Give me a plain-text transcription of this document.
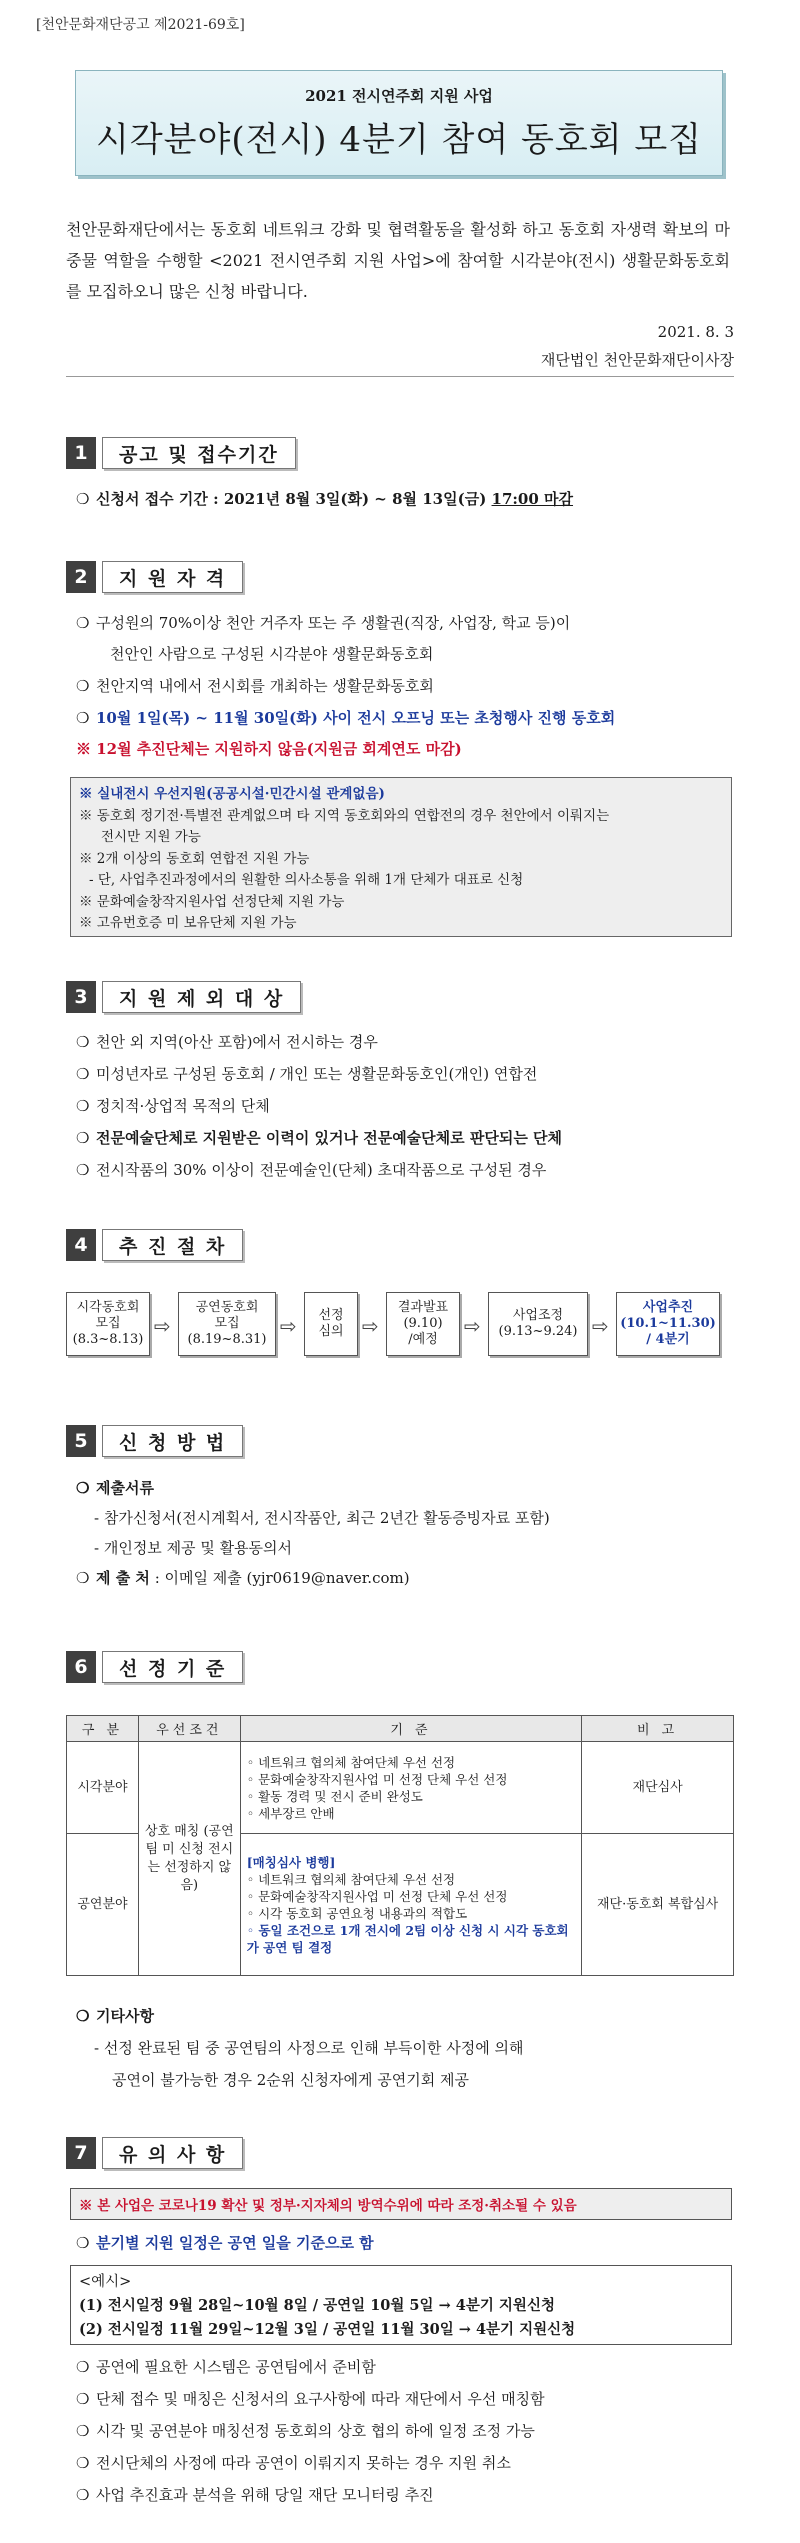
[천안문화재단공고 제2021-69호]
2021 전시연주회 지원 사업
시각분야(전시) 4분기 참여 동호회 모집
천안문화재단에서는 동호회 네트워크 강화 및 협력활동을 활성화 하고 동호회 자생력 확보의 마중물 역할을 수행할 <2021 전시연주회 지원 사업>에 참여할 시각분야(전시) 생활문화동호회를 모집하오니 많은 신청 바랍니다.
2021. 8. 3
재단법인 천안문화재단이사장
1	공고 및 접수기간
❍ 신청서 접수 기간 : 2021년 8월 3일(화) ~ 8월 13일(금) 17:00 마감
2	지 원 자 격
❍ 구성원의 70%이상 천안 거주자 또는 주 생활권(직장, 사업장, 학교 등)이
천안인 사람으로 구성된 시각분야 생활문화동호회
❍ 천안지역 내에서 전시회를 개최하는 생활문화동호회
❍ 10월 1일(목) ~ 11월 30일(화) 사이 전시 오프닝 또는 초청행사 진행 동호회
※ 12월 추진단체는 지원하지 않음(지원금 회계연도 마감)
※ 실내전시 우선지원(공공시설·민간시설 관계없음)
※ 동호회 정기전·특별전 관계없으며 타 지역 동호회와의 연합전의 경우 천안에서 이뤄지는
전시만 지원 가능
※ 2개 이상의 동호회 연합전 지원 가능
- 단, 사업추진과정에서의 원활한 의사소통을 위해 1개 단체가 대표로 신청
※ 문화예술창작지원사업 선정단체 지원 가능
※ 고유번호증 미 보유단체 지원 가능
3	지 원 제 외 대 상
❍ 천안 외 지역(아산 포함)에서 전시하는 경우
❍ 미성년자로 구성된 동호회 / 개인 또는 생활문화동호인(개인) 연합전
❍ 정치적·상업적 목적의 단체
❍ 전문예술단체로 지원받은 이력이 있거나 전문예술단체로 판단되는 단체
❍ 전시작품의 30% 이상이 전문예술인(단체) 초대작품으로 구성된 경우
4	추 진 절 차
시각동호회
모집
(8.3~8.13)
⇨
공연동호회
모집
(8.19~8.31)
⇨	선정
심의 ⇨
결과발표
(9.10)
/예정
⇨	사업조정
(9.13~9.24) ⇨
사업추진
(10.1~11.30)
/ 4분기
5	신 청 방 법
❍ 제출서류
- 참가신청서(전시계획서, 전시작품안, 최근 2년간 활동증빙자료 포함)
- 개인정보 제공 및 활용동의서
❍ 제 출 처 : 이메일 제출 (yjr0619@naver.com)
6	선 정 기 준
구 분	우선조건	기 준	비 고
시각분야	상호 매칭 (공연팀 미 신청 전시는 선정하지 않음)	◦ 네트워크 협의체 참여단체 우선 선정
◦ 문화예술창작지원사업 미 선정 단체 우선 선정
◦ 활동 경력 및 전시 준비 완성도
◦ 세부장르 안배	재단심사
공연분야		[매칭심사 병행]
◦ 네트워크 협의체 참여단체 우선 선정
◦ 문화예술창작지원사업 미 선정 단체 우선 선정
◦ 시각 동호회 공연요청 내용과의 적합도
◦ 동일 조건으로 1개 전시에 2팀 이상 신청 시 시각 동호회가 공연 팀 결정	재단·동호회 복합심사
❍ 기타사항
- 선정 완료된 팀 중 공연팀의 사정으로 인해 부득이한 사정에 의해
공연이 불가능한 경우 2순위 신청자에게 공연기회 제공
7	유 의 사 항
※ 본 사업은 코로나19 확산 및 정부·지자체의 방역수위에 따라 조정·취소될 수 있음
❍ 분기별 지원 일정은 공연 일을 기준으로 함
<예시>
(1) 전시일정 9월 28일~10월 8일 / 공연일 10월 5일 → 4분기 지원신청
(2) 전시일정 11월 29일~12월 3일 / 공연일 11월 30일 → 4분기 지원신청
❍ 공연에 필요한 시스템은 공연팀에서 준비함
❍ 단체 접수 및 매칭은 신청서의 요구사항에 따라 재단에서 우선 매칭함
❍ 시각 및 공연분야 매칭선정 동호회의 상호 협의 하에 일정 조정 가능
❍ 전시단체의 사정에 따라 공연이 이뤄지지 못하는 경우 지원 취소
❍ 사업 추진효과 분석을 위해 당일 재단 모니터링 추진
